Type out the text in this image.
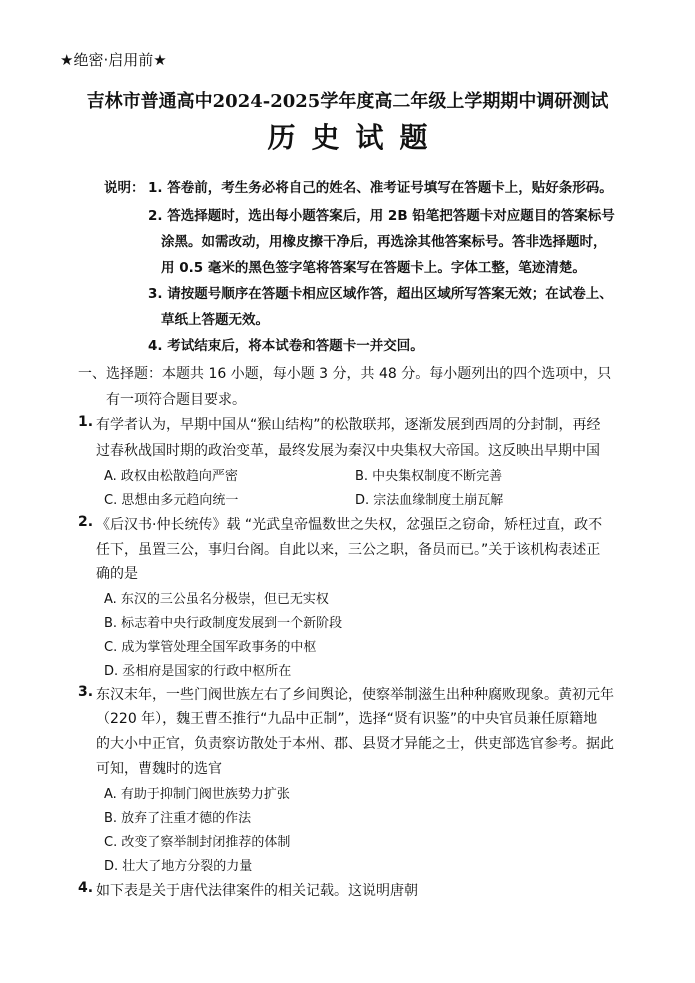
★绝密·启用前★
吉林市普通高中2024-2025学年度高二年级上学期期中调研测试
历史试题
说明： 1. 答卷前，考生务必将自己的姓名、准考证号填写在答题卡上，贴好条形码。
2. 答选择题时，选出每小题答案后，用 2B 铅笔把答题卡对应题目的答案标号
涂黑。如需改动，用橡皮擦干净后，再选涂其他答案标号。答非选择题时，
用 0.5 毫米的黑色签字笔将答案写在答题卡上。字体工整，笔迹清楚。
3. 请按题号顺序在答题卡相应区域作答，超出区域所写答案无效；在试卷上、
草纸上答题无效。
4. 考试结束后，将本试卷和答题卡一并交回。
一、选择题：本题共 16 小题，每小题 3 分，共 48 分。每小题列出的四个选项中，只
有一项符合题目要求。
1. 有学者认为，早期中国从“猴山结构”的松散联邦，逐渐发展到西周的分封制，再经
过春秋战国时期的政治变革，最终发展为秦汉中央集权大帝国。这反映出早期中国
A. 政权由松散趋向严密	B. 中央集权制度不断完善
C. 思想由多元趋向统一	D. 宗法血缘制度土崩瓦解
2. 《后汉书·仲长统传》载 “光武皇帝愠数世之失权，忿强臣之窃命，矫枉过直，政不
任下，虽置三公，事归台阁。自此以来，三公之职，备员而已。”关于该机构表述正
确的是
A. 东汉的三公虽名分极崇，但已无实权
B. 标志着中央行政制度发展到一个新阶段
C. 成为掌管处理全国军政事务的中枢
D. 丞相府是国家的行政中枢所在
3. 东汉末年，一些门阀世族左右了乡间舆论，使察举制滋生出种种腐败现象。黄初元年
（220 年），魏王曹丕推行“九品中正制”，选择“贤有识鉴”的中央官员兼任原籍地
的大小中正官，负责察访散处于本州、郡、县贤才异能之士，供吏部选官参考。据此
可知，曹魏时的选官
A. 有助于抑制门阀世族势力扩张
B. 放弃了注重才德的作法
C. 改变了察举制封闭推荐的体制
D. 壮大了地方分裂的力量
4. 如下表是关于唐代法律案件的相关记载。这说明唐朝
